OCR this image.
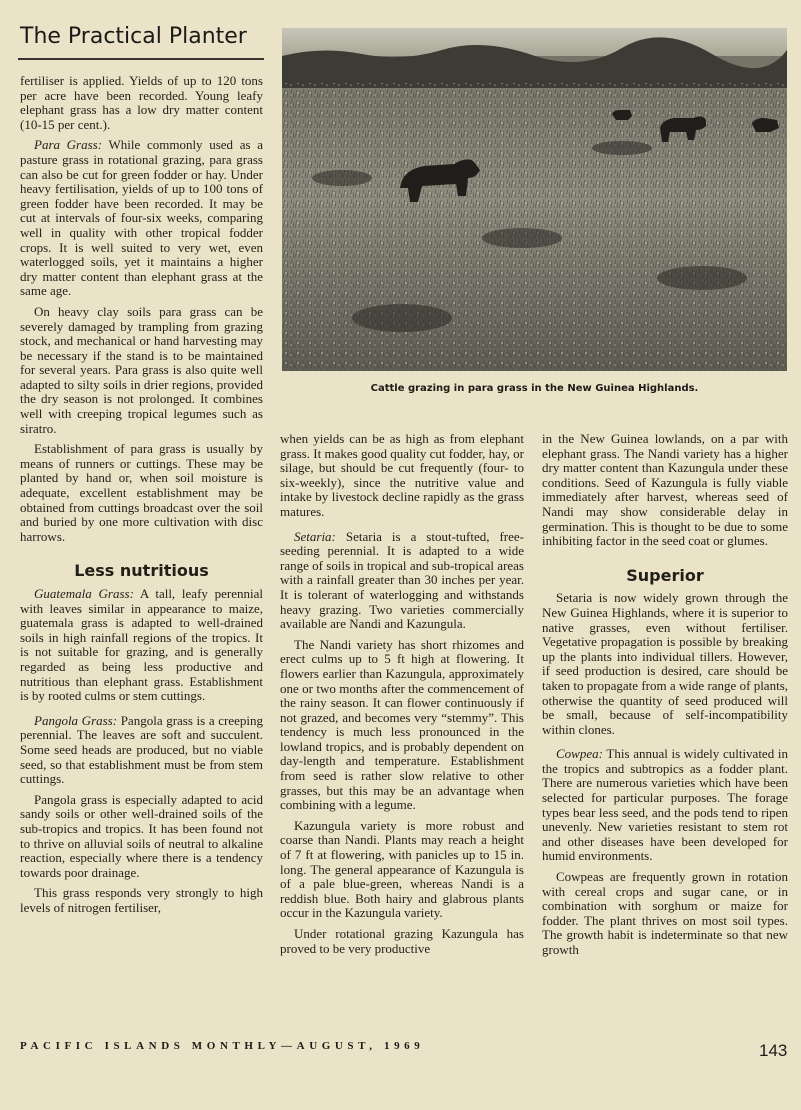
The Practical Planter
Cattle grazing in para grass in the New Guinea Highlands.

fertiliser is applied. Yields of up to 120 tons per acre have been recorded. Young leafy elephant grass has a low dry matter content (10-15 per cent.).

Para Grass: While commonly used as a pasture grass in rotational grazing, para grass can also be cut for green fodder or hay. Under heavy fertilisation, yields of up to 100 tons of green fodder have been recorded. It may be cut at intervals of four-six weeks, comparing well in quality with other tropical fodder crops. It is well suited to very wet, even waterlogged soils, yet it maintains a higher dry matter content than elephant grass at the same age.

On heavy clay soils para grass can be severely damaged by trampling from grazing stock, and mechanical or hand harvesting may be necessary if the stand is to be maintained for several years. Para grass is also quite well adapted to silty soils in drier regions, provided the dry season is not prolonged. It combines well with creeping tropical legumes such as siratro.

Establishment of para grass is usually by means of runners or cuttings. These may be planted by hand or, when soil moisture is adequate, excellent establishment may be obtained from cuttings broadcast over the soil and buried by one more cultivation with disc harrows.

Less nutritious

Guatemala Grass: A tall, leafy perennial with leaves similar in appearance to maize, guatemala grass is adapted to well-drained soils in high rainfall regions of the tropics. It is not suitable for grazing, and is generally regarded as being less productive and nutritious than elephant grass. Establishment is by rooted culms or stem cuttings.

Pangola Grass: Pangola grass is a creeping perennial. The leaves are soft and succulent. Some seed heads are produced, but no viable seed, so that establishment must be from stem cuttings.

Pangola grass is especially adapted to acid sandy soils or other well-drained soils of the sub-tropics and tropics. It has been found not to thrive on alluvial soils of neutral to alkaline reaction, especially where there is a tendency towards poor drainage.

This grass responds very strongly to high levels of nitrogen fertiliser,

when yields can be as high as from elephant grass. It makes good quality cut fodder, hay, or silage, but should be cut frequently (four- to six-weekly), since the nutritive value and intake by livestock decline rapidly as the grass matures.

Setaria: Setaria is a stout-tufted, free-seeding perennial. It is adapted to a wide range of soils in tropical and sub-tropical areas with a rainfall greater than 30 inches per year. It is tolerant of waterlogging and withstands heavy grazing. Two varieties commercially available are Nandi and Kazungula.

The Nandi variety has short rhizomes and erect culms up to 5 ft high at flowering. It flowers earlier than Kazungula, approximately one or two months after the commencement of the rainy season. It can flower continuously if not grazed, and becomes very “stemmy”. This tendency is much less pronounced in the lowland tropics, and is probably dependent on day-length and temperature. Establishment from seed is rather slow relative to other grasses, but this may be an advantage when combining with a legume.

Kazungula variety is more robust and coarse than Nandi. Plants may reach a height of 7 ft at flowering, with panicles up to 15 in. long. The general appearance of Kazungula is of a pale blue-green, whereas Nandi is a reddish blue. Both hairy and glabrous plants occur in the Kazungula variety.

Under rotational grazing Kazungula has proved to be very productive

in the New Guinea lowlands, on a par with elephant grass. The Nandi variety has a higher dry matter content than Kazungula under these conditions. Seed of Kazungula is fully viable immediately after harvest, whereas seed of Nandi may show considerable delay in germination. This is thought to be due to some inhibiting factor in the seed coat or glumes.

Superior

Setaria is now widely grown through the New Guinea Highlands, where it is superior to native grasses, even without fertiliser. Vegetative propagation is possible by breaking up the plants into individual tillers. However, if seed production is desired, care should be taken to propagate from a wide range of plants, otherwise the quantity of seed produced will be small, because of self-incompatibility within clones.

Cowpea: This annual is widely cultivated in the tropics and subtropics as a fodder plant. There are numerous varieties which have been selected for particular purposes. The forage types bear less seed, and the pods tend to ripen unevenly. New varieties resistant to stem rot and other diseases have been developed for humid environments.

Cowpeas are frequently grown in rotation with cereal crops and sugar cane, or in combination with sorghum or maize for fodder. The plant thrives on most soil types. The growth habit is indeterminate so that new growth

PACIFIC ISLANDS MONTHLY—AUGUST, 1969	143
